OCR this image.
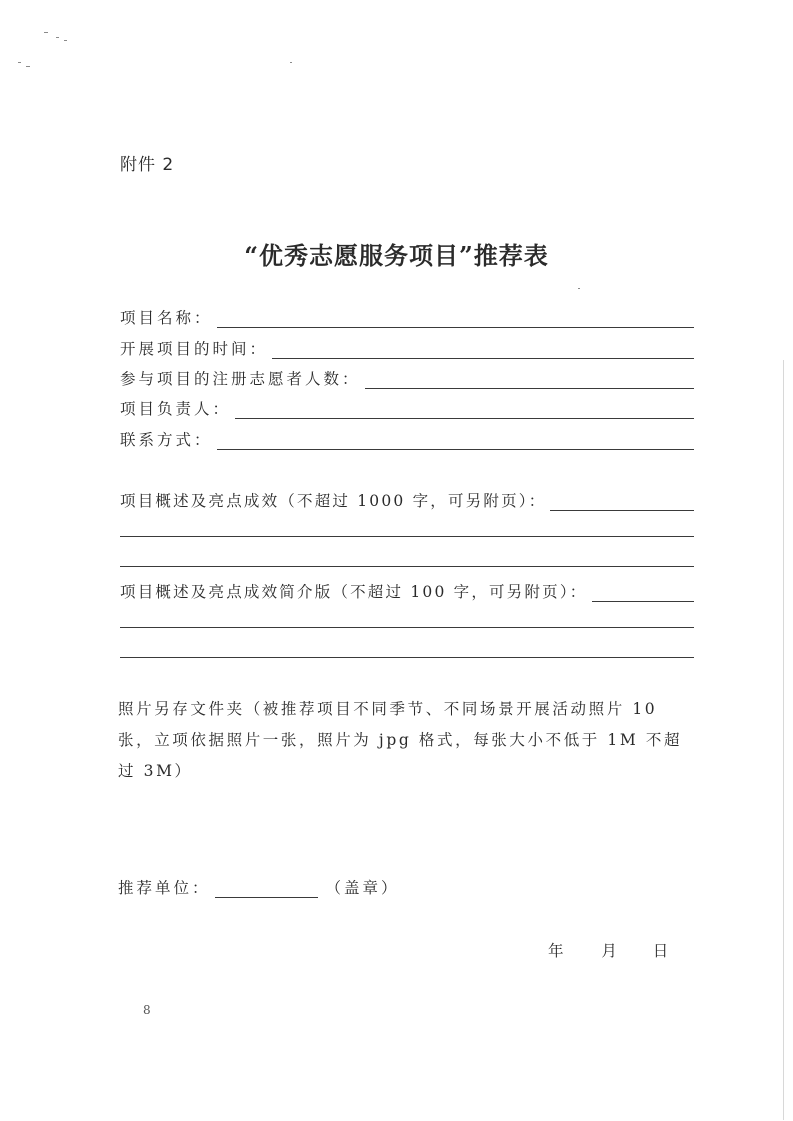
附件 2
“优秀志愿服务项目”推荐表
项目名称：
开展项目的时间：
参与项目的注册志愿者人数：
项目负责人：
联系方式：
项目概述及亮点成效（不超过 1000 字，可另附页）：
项目概述及亮点成效简介版（不超过 100 字，可另附页）：
照片另存文件夹（被推荐项目不同季节、不同场景开展活动照片 10 张，立项依据照片一张，照片为 jpg 格式，每张大小不低于 1M 不超过 3M）
推荐单位：	（盖章）
年 月 日
8
